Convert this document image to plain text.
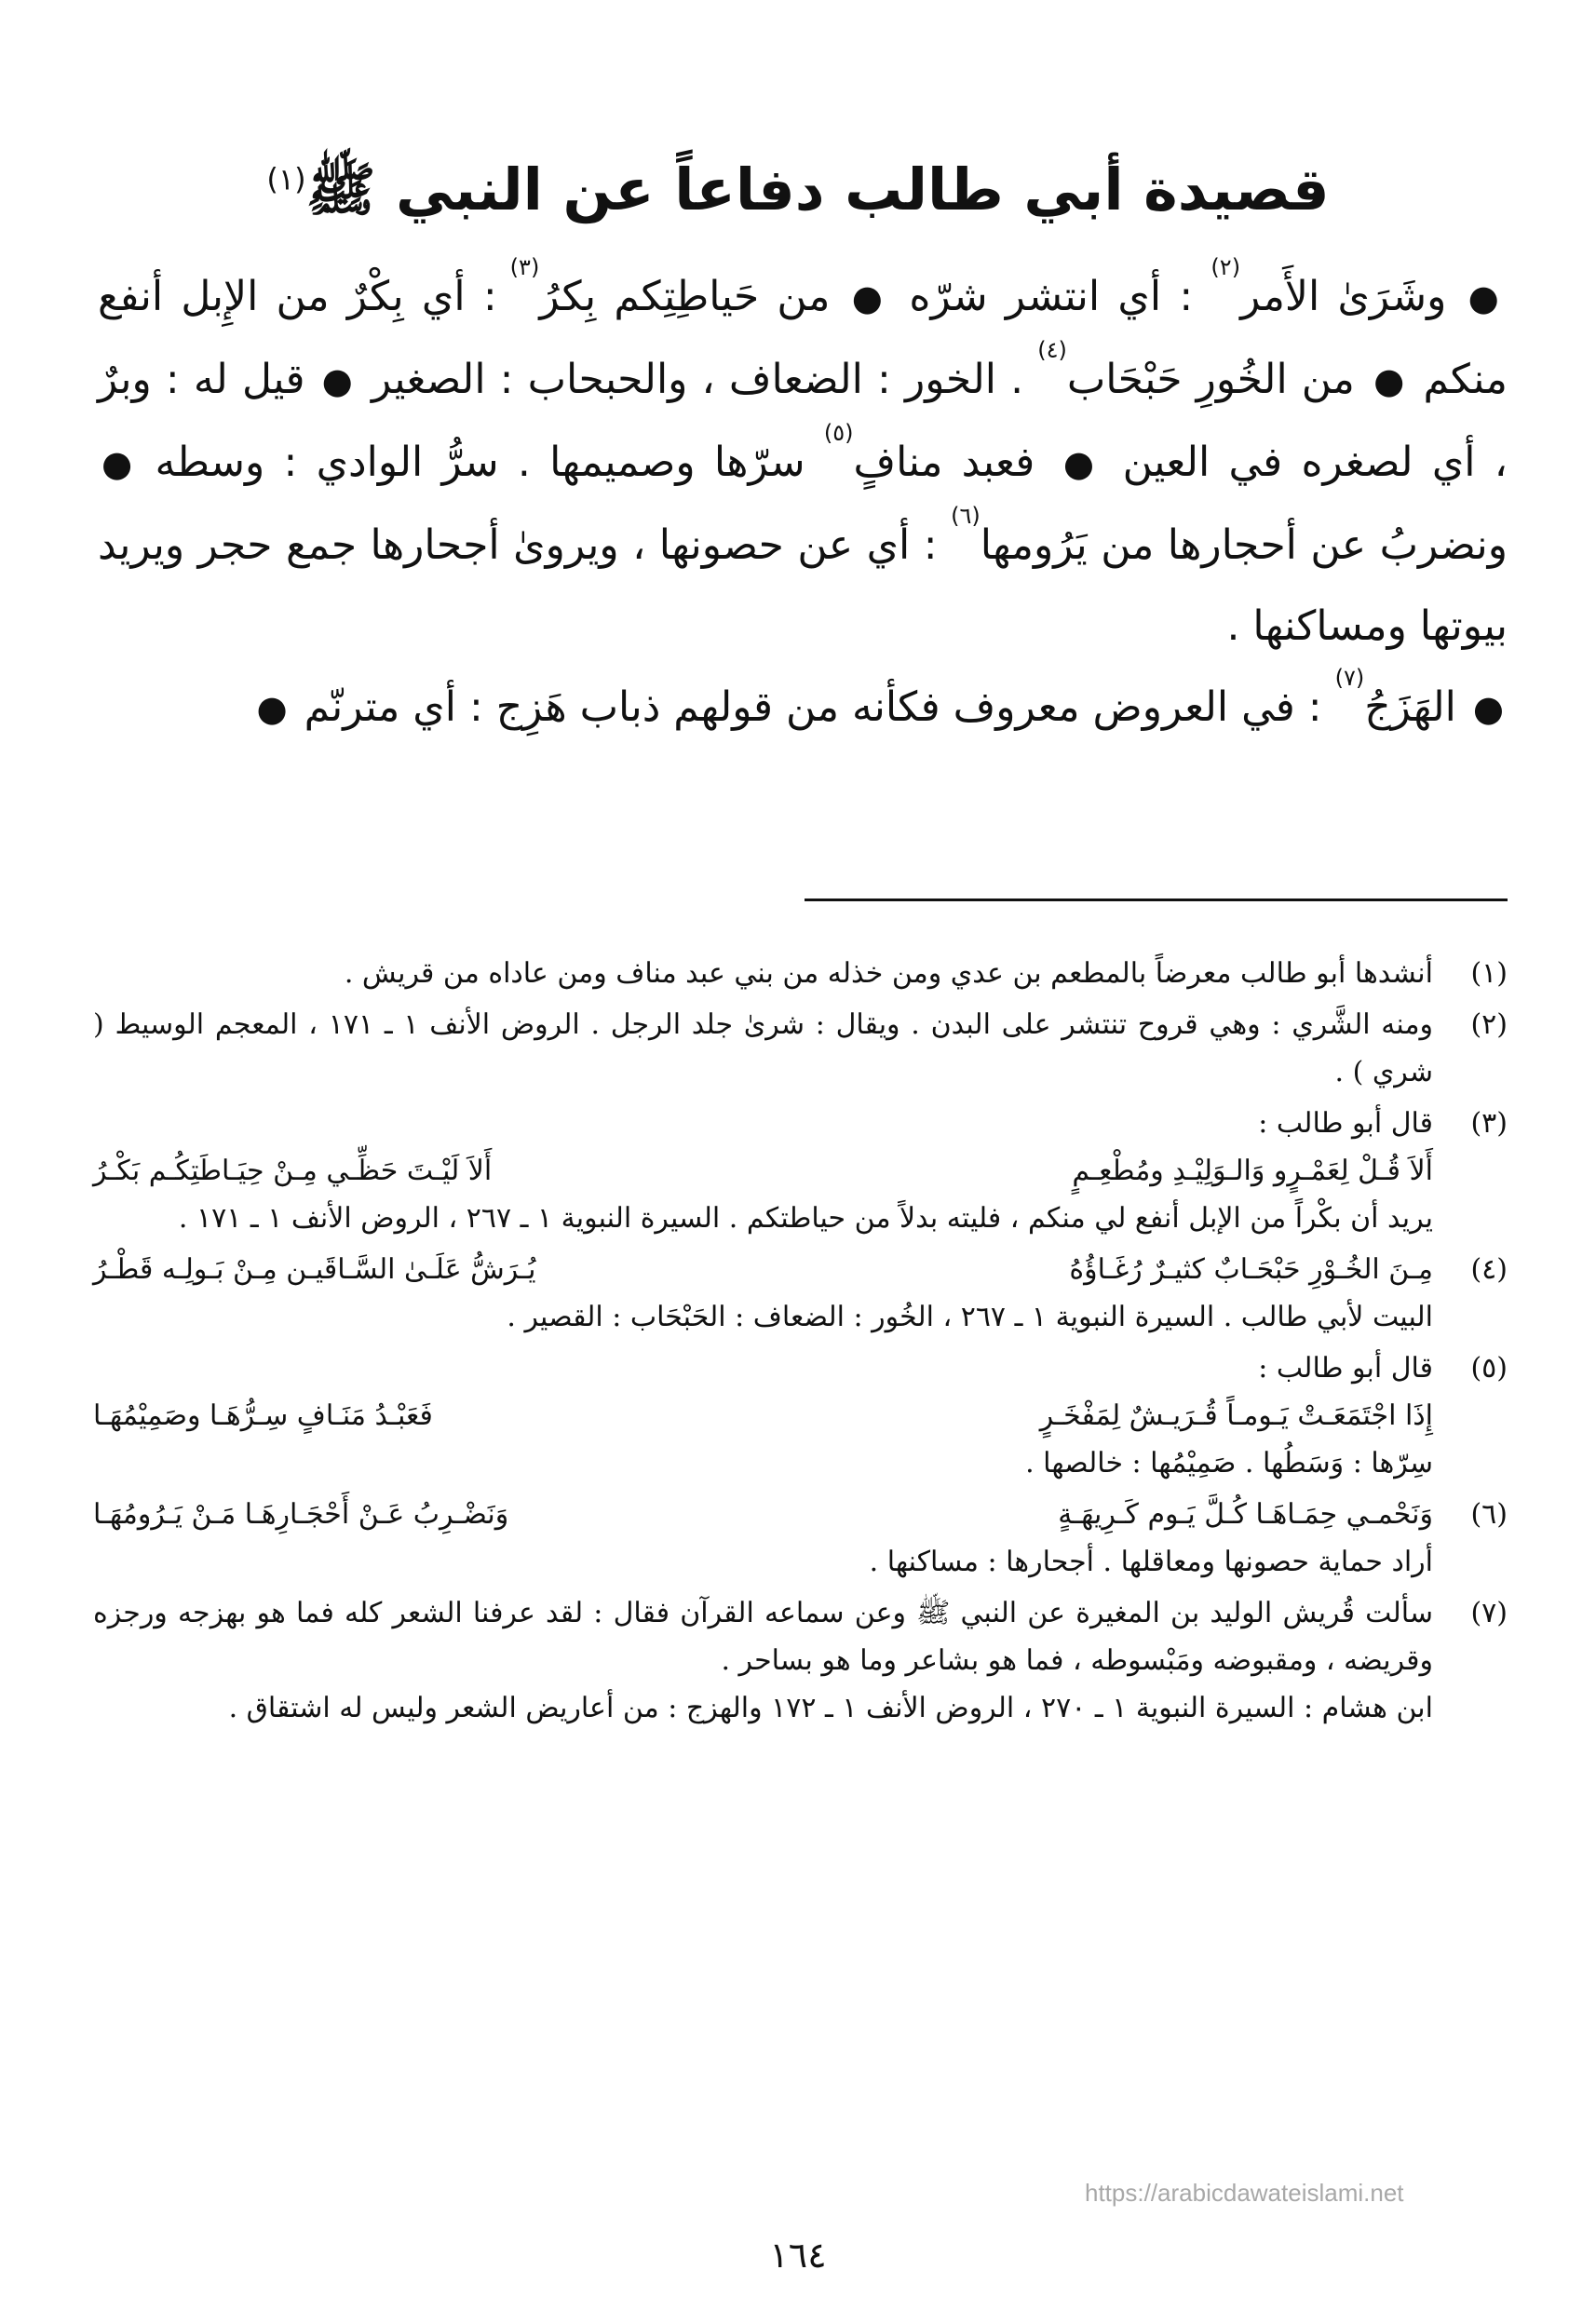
قصيدة أبي طالب دفاعاً عن النبي ﷺ$^{(١)}$

● وشَرَىٰ الأَمر$^{(٢)}$ : أي انتشر شرّه ● من حَياطِتِكم بِكرُ$^{(٣)}$ : أي بِكْرٌ من الإِبل أنفع منكم ● من الخُورِ حَبْحَاب$^{(٤)}$ . الخور : الضعاف ، والحبحاب : الصغير ● قيل له : وبرٌ ، أي لصغره في العين ● فعبد منافٍ$^{(٥)}$ سرّها وصميمها . سرُّ الوادي : وسطه ● ونضربُ عن أحجارها من يَرُومها$^{(٦)}$ : أي عن حصونها ، ويروىٰ أجحارها جمع حجر ويريد بيوتها ومساكنها .

● الهَزَجُ$^{(٧)}$ : في العروض معروف فكأنه من قولهم ذباب هَزِج : أي مترنّم ●

(١)

أنشدها أبو طالب معرضاً بالمطعم بن عدي ومن خذله من بني عبد مناف ومن عاداه من قريش .

(٢)

ومنه الشَّري : وهي قروح تنتشر على البدن . ويقال : شرىٰ جلد الرجل . الروض الأنف ١ ـ ١٧١ ، المعجم الوسيط ( شري ) .

(٣)

قال أبو طالب :

أَلاَ قُـلْ لِعَمْـرٍو وَالـوَلِيْـدِ ومُطْعِـمٍ
أَلاَ لَيْـتَ حَظِّـي مِـنْ حِيَـاطَتِكُـم بَكْـرُ

يريد أن بكْراً من الإبل أنفع لي منكم ، فليته بدلاً من حياطتكم . السيرة النبوية ١ ـ ٢٦٧ ، الروض الأنف ١ ـ ١٧١ .

(٤)
مِـنَ الخُـوْرِ حَبْحَـابٌ كثيـرٌ رُغَـاؤُهُ
يُـرَشُّ عَلَـىٰ السَّـاقَيـن مِـنْ بَـولِـه قَطْـرُ

البيت لأبي طالب . السيرة النبوية ١ ـ ٢٦٧ ، الخُور : الضعاف : الحَبْحَاب : القصير .

(٥)

قال أبو طالب :

إِذَا اجْتَمَعَـتْ يَـومـاً قُـرَيـشٌ لِمَفْخَـرٍ
فَعَبْـدُ مَنَـافٍ سِـرُّهَـا وصَمِيْمُهَـا

سِرّها : وَسَطُها . صَمِيْمُها : خالصها .

(٦)
وَنَحْمـي حِمَـاهَـا كُـلَّ يَـوم كَـرِيهَـةٍ
وَنَضْـرِبُ عَـنْ أَحْجَـارِهَـا مَـنْ يَـرُومُهَـا

أراد حماية حصونها ومعاقلها . أجحارها : مساكنها .

(٧)

سألت قُريش الوليد بن المغيرة عن النبي ﷺ وعن سماعه القرآن فقال : لقد عرفنا الشعر كله فما هو بهزجه ورجزه وقريضه ، ومقبوضه ومَبْسوطه ، فما هو بشاعر وما هو بساحر .

ابن هشام : السيرة النبوية ١ ـ ٢٧٠ ، الروض الأنف ١ ـ ١٧٢ والهزج : من أعاريض الشعر وليس له اشتقاق .

https://arabicdawateislami.net
١٦٤
